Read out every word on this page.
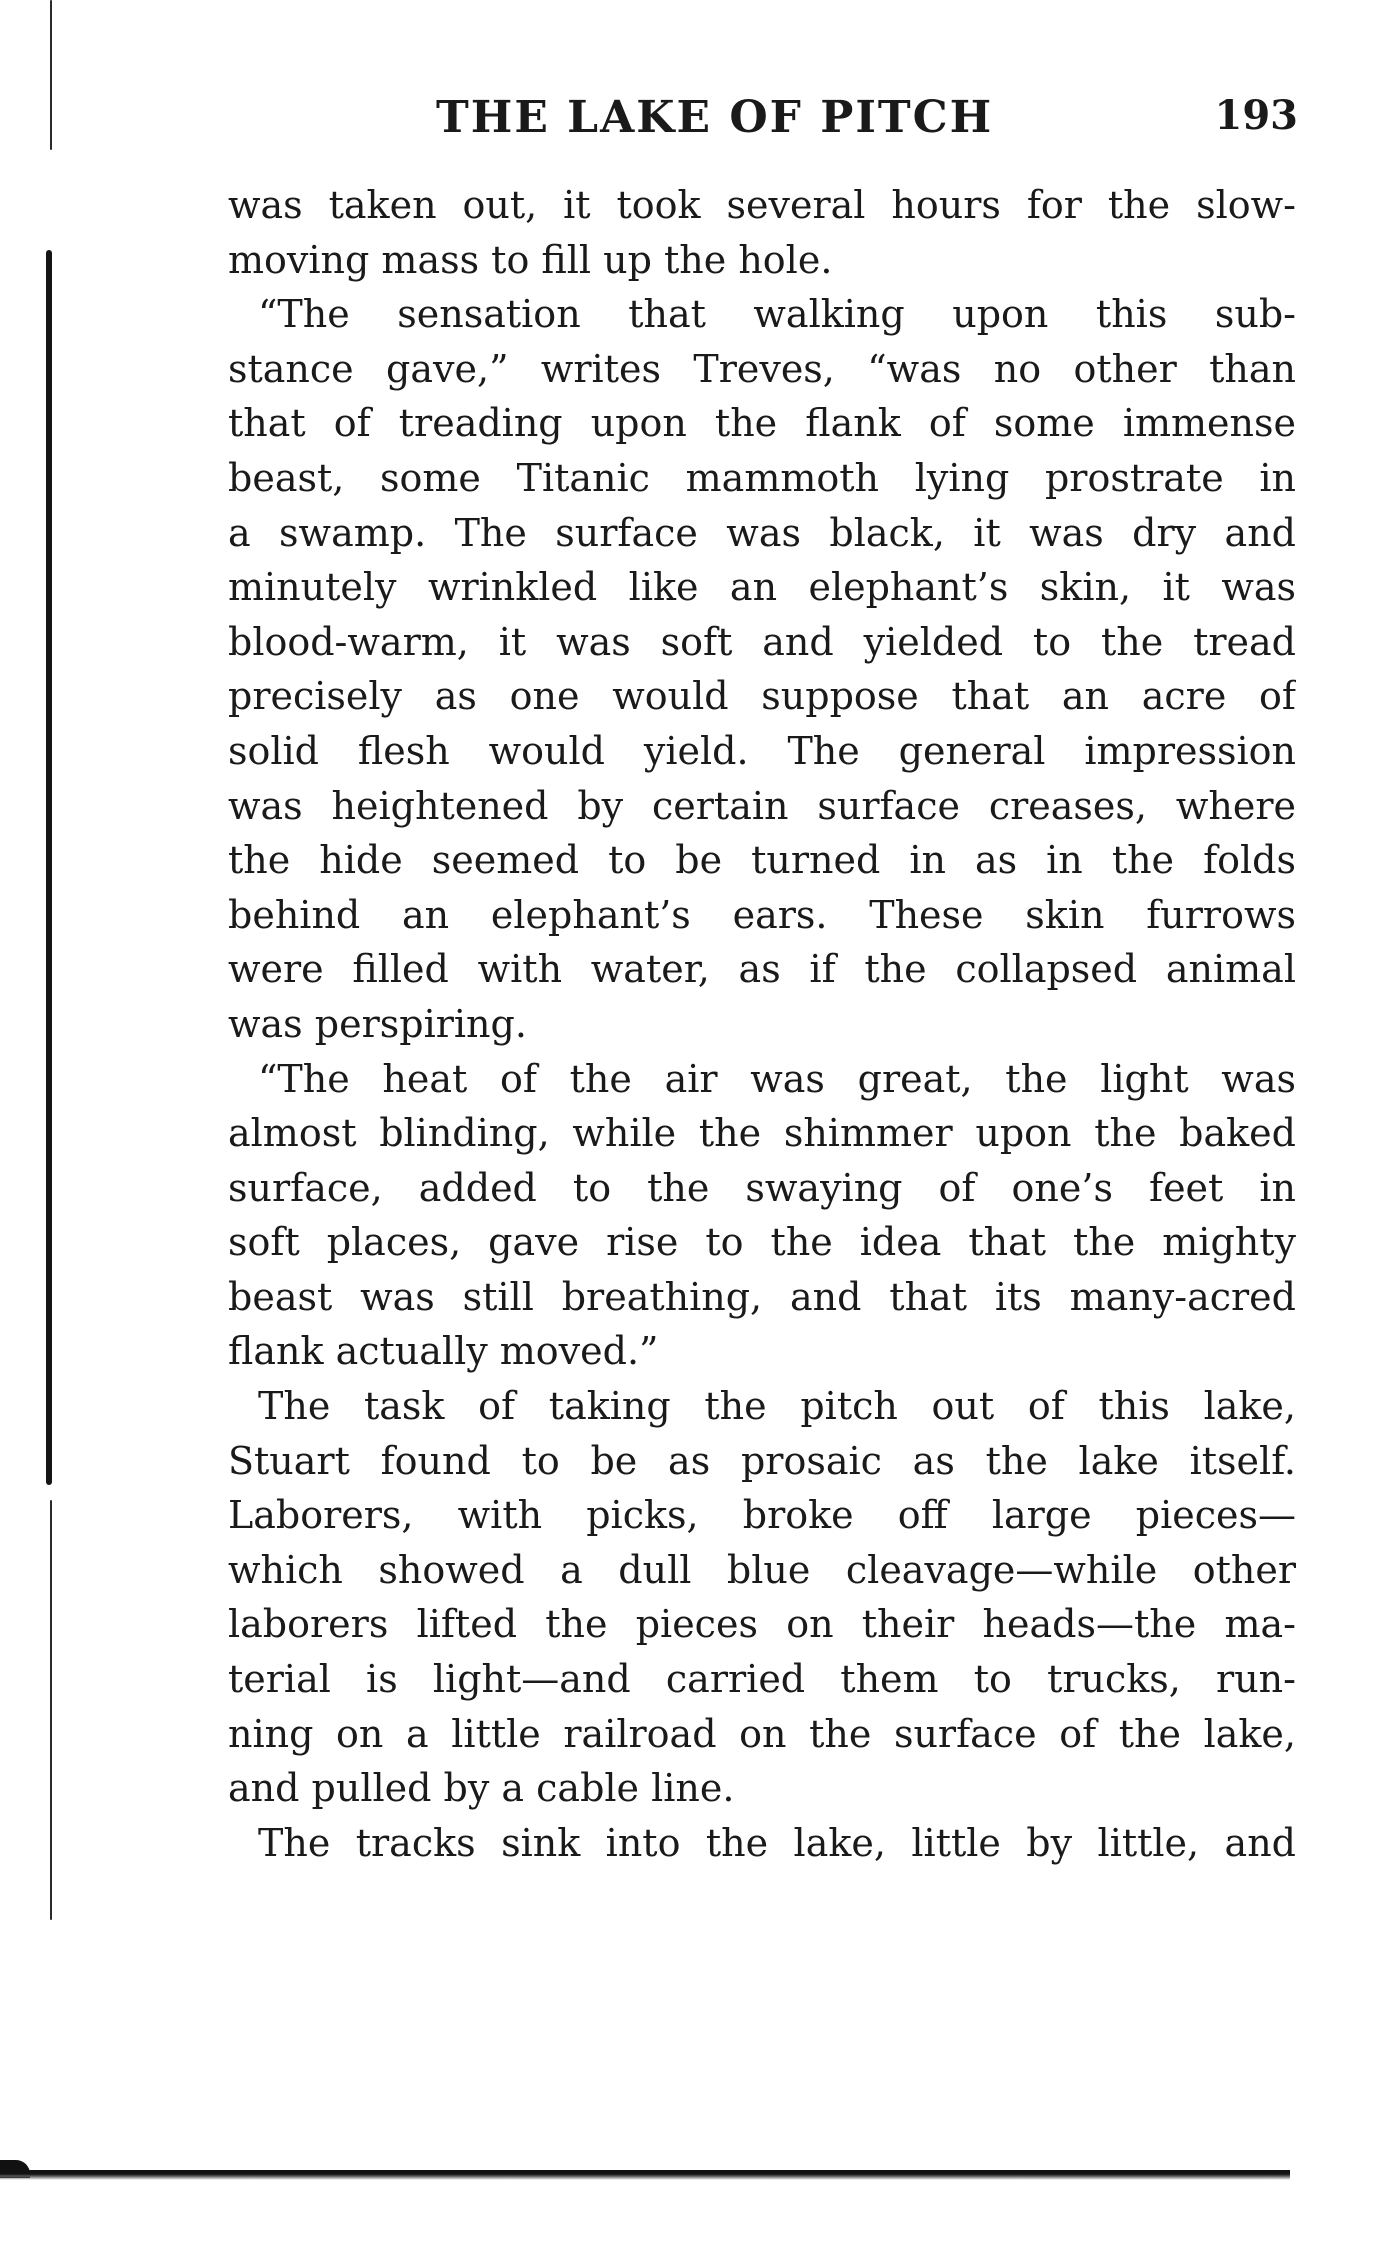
THE LAKE OF PITCH	193
was taken out, it took several hours for the slow-
moving mass to fill up the hole.
“The sensation that walking upon this sub-
stance gave,” writes Treves, “was no other than
that of treading upon the flank of some immense
beast, some Titanic mammoth lying prostrate in
a swamp. The surface was black, it was dry and
minutely wrinkled like an elephant’s skin, it was
blood-warm, it was soft and yielded to the tread
precisely as one would suppose that an acre of
solid flesh would yield. The general impression
was heightened by certain surface creases, where
the hide seemed to be turned in as in the folds
behind an elephant’s ears. These skin furrows
were filled with water, as if the collapsed animal
was perspiring.
“The heat of the air was great, the light was
almost blinding, while the shimmer upon the baked
surface, added to the swaying of one’s feet in
soft places, gave rise to the idea that the mighty
beast was still breathing, and that its many-acred
flank actually moved.”
The task of taking the pitch out of this lake,
Stuart found to be as prosaic as the lake itself.
Laborers, with picks, broke off large pieces—
which showed a dull blue cleavage—while other
laborers lifted the pieces on their heads—the ma-
terial is light—and carried them to trucks, run-
ning on a little railroad on the surface of the lake,
and pulled by a cable line.
The tracks sink into the lake, little by little, and
